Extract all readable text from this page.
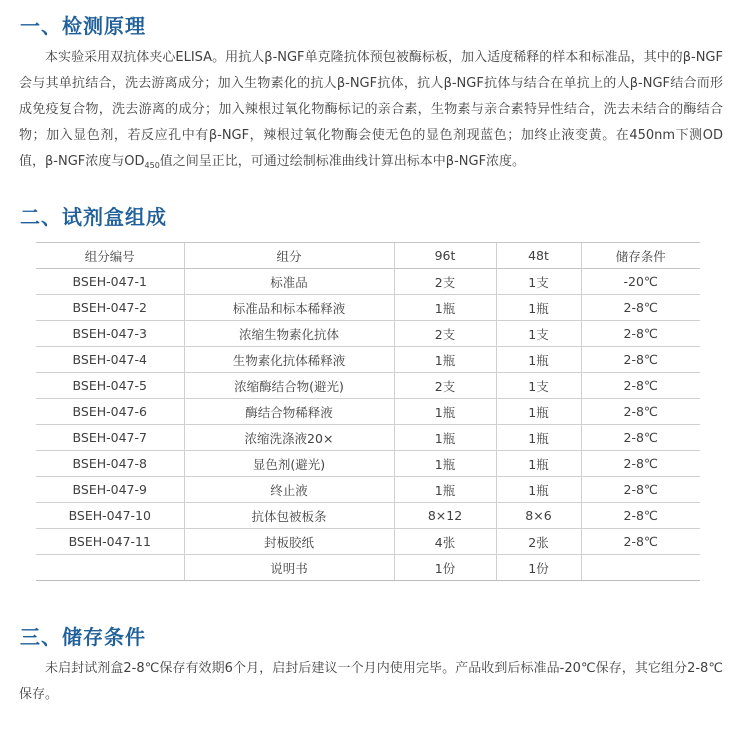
一、检测原理

本实验采用双抗体夹心ELISA。用抗人β-NGF单克隆抗体预包被酶标板，加入适度稀释的样本和标准品，其中的β-NGF会与其单抗结合，洗去游离成分；加入生物素化的抗人β-NGF抗体，抗人β-NGF抗体与结合在单抗上的人β-NGF结合而形成免疫复合物，洗去游离的成分；加入辣根过氧化物酶标记的亲合素，生物素与亲合素特异性结合，洗去未结合的酶结合物；加入显色剂，若反应孔中有β-NGF，辣根过氧化物酶会使无色的显色剂现蓝色；加终止液变黄。在450nm下测OD值，β-NGF浓度与$OD_{450}$值之间呈正比，可通过绘制标准曲线计算出标本中β-NGF浓度。

二、试剂盒组成
组分编号	组分	96t	48t	储存条件
BSEH-047-1	标准品	2支	1支	-20℃
BSEH-047-2	标准品和标本稀释液	1瓶	1瓶	2-8℃
BSEH-047-3	浓缩生物素化抗体	2支	1支	2-8℃
BSEH-047-4	生物素化抗体稀释液	1瓶	1瓶	2-8℃
BSEH-047-5	浓缩酶结合物(避光)	2支	1支	2-8℃
BSEH-047-6	酶结合物稀释液	1瓶	1瓶	2-8℃
BSEH-047-7	浓缩洗涤液20×	1瓶	1瓶	2-8℃
BSEH-047-8	显色剂(避光)	1瓶	1瓶	2-8℃
BSEH-047-9	终止液	1瓶	1瓶	2-8℃
BSEH-047-10	抗体包被板条	8×12	8×6	2-8℃
BSEH-047-11	封板胶纸	4张	2张	2-8℃
	说明书	1份	1份	
三、储存条件

未启封试剂盒2-8℃保存有效期6个月，启封后建议一个月内使用完毕。产品收到后标准品-20℃保存，其它组分2-8℃保存。
